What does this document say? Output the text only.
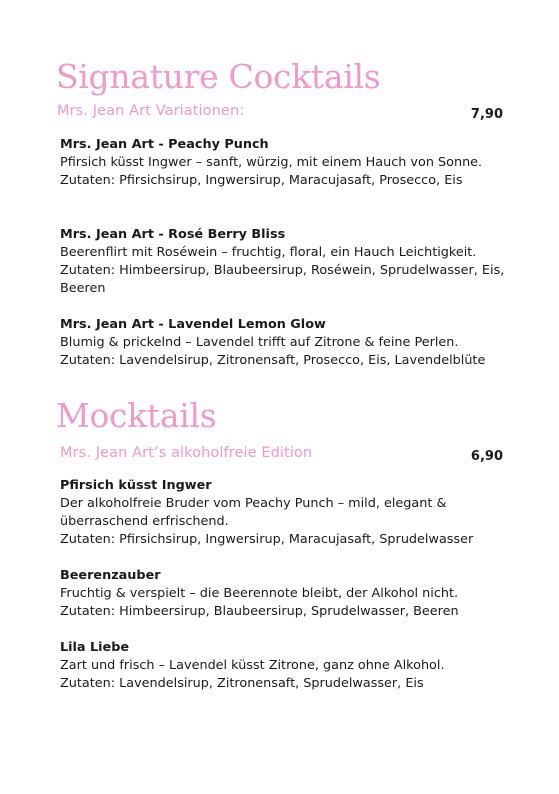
Signature Cocktails
Mrs. Jean Art Variationen:	7,90
Mrs. Jean Art - Peachy Punch
Pfirsich küsst Ingwer – sanft, würzig, mit einem Hauch von Sonne.
Zutaten: Pfirsichsirup, Ingwersirup, Maracujasaft, Prosecco, Eis
Mrs. Jean Art - Rosé Berry Bliss
Beerenflirt mit Roséwein – fruchtig, floral, ein Hauch Leichtigkeit.
Zutaten: Himbeersirup, Blaubeersirup, Roséwein, Sprudelwasser, Eis, Beeren
Mrs. Jean Art - Lavendel Lemon Glow
Blumig & prickelnd – Lavendel trifft auf Zitrone & feine Perlen.
Zutaten: Lavendelsirup, Zitronensaft, Prosecco, Eis, Lavendelblüte
Mocktails
Mrs. Jean Art’s alkoholfreie Edition	6,90
Pfirsich küsst Ingwer
Der alkoholfreie Bruder vom Peachy Punch – mild, elegant & überraschend erfrischend.
Zutaten: Pfirsichsirup, Ingwersirup, Maracujasaft, Sprudelwasser
Beerenzauber
Fruchtig & verspielt – die Beerennote bleibt, der Alkohol nicht.
Zutaten: Himbeersirup, Blaubeersirup, Sprudelwasser, Beeren
Lila Liebe
Zart und frisch – Lavendel küsst Zitrone, ganz ohne Alkohol.
Zutaten: Lavendelsirup, Zitronensaft, Sprudelwasser, Eis
